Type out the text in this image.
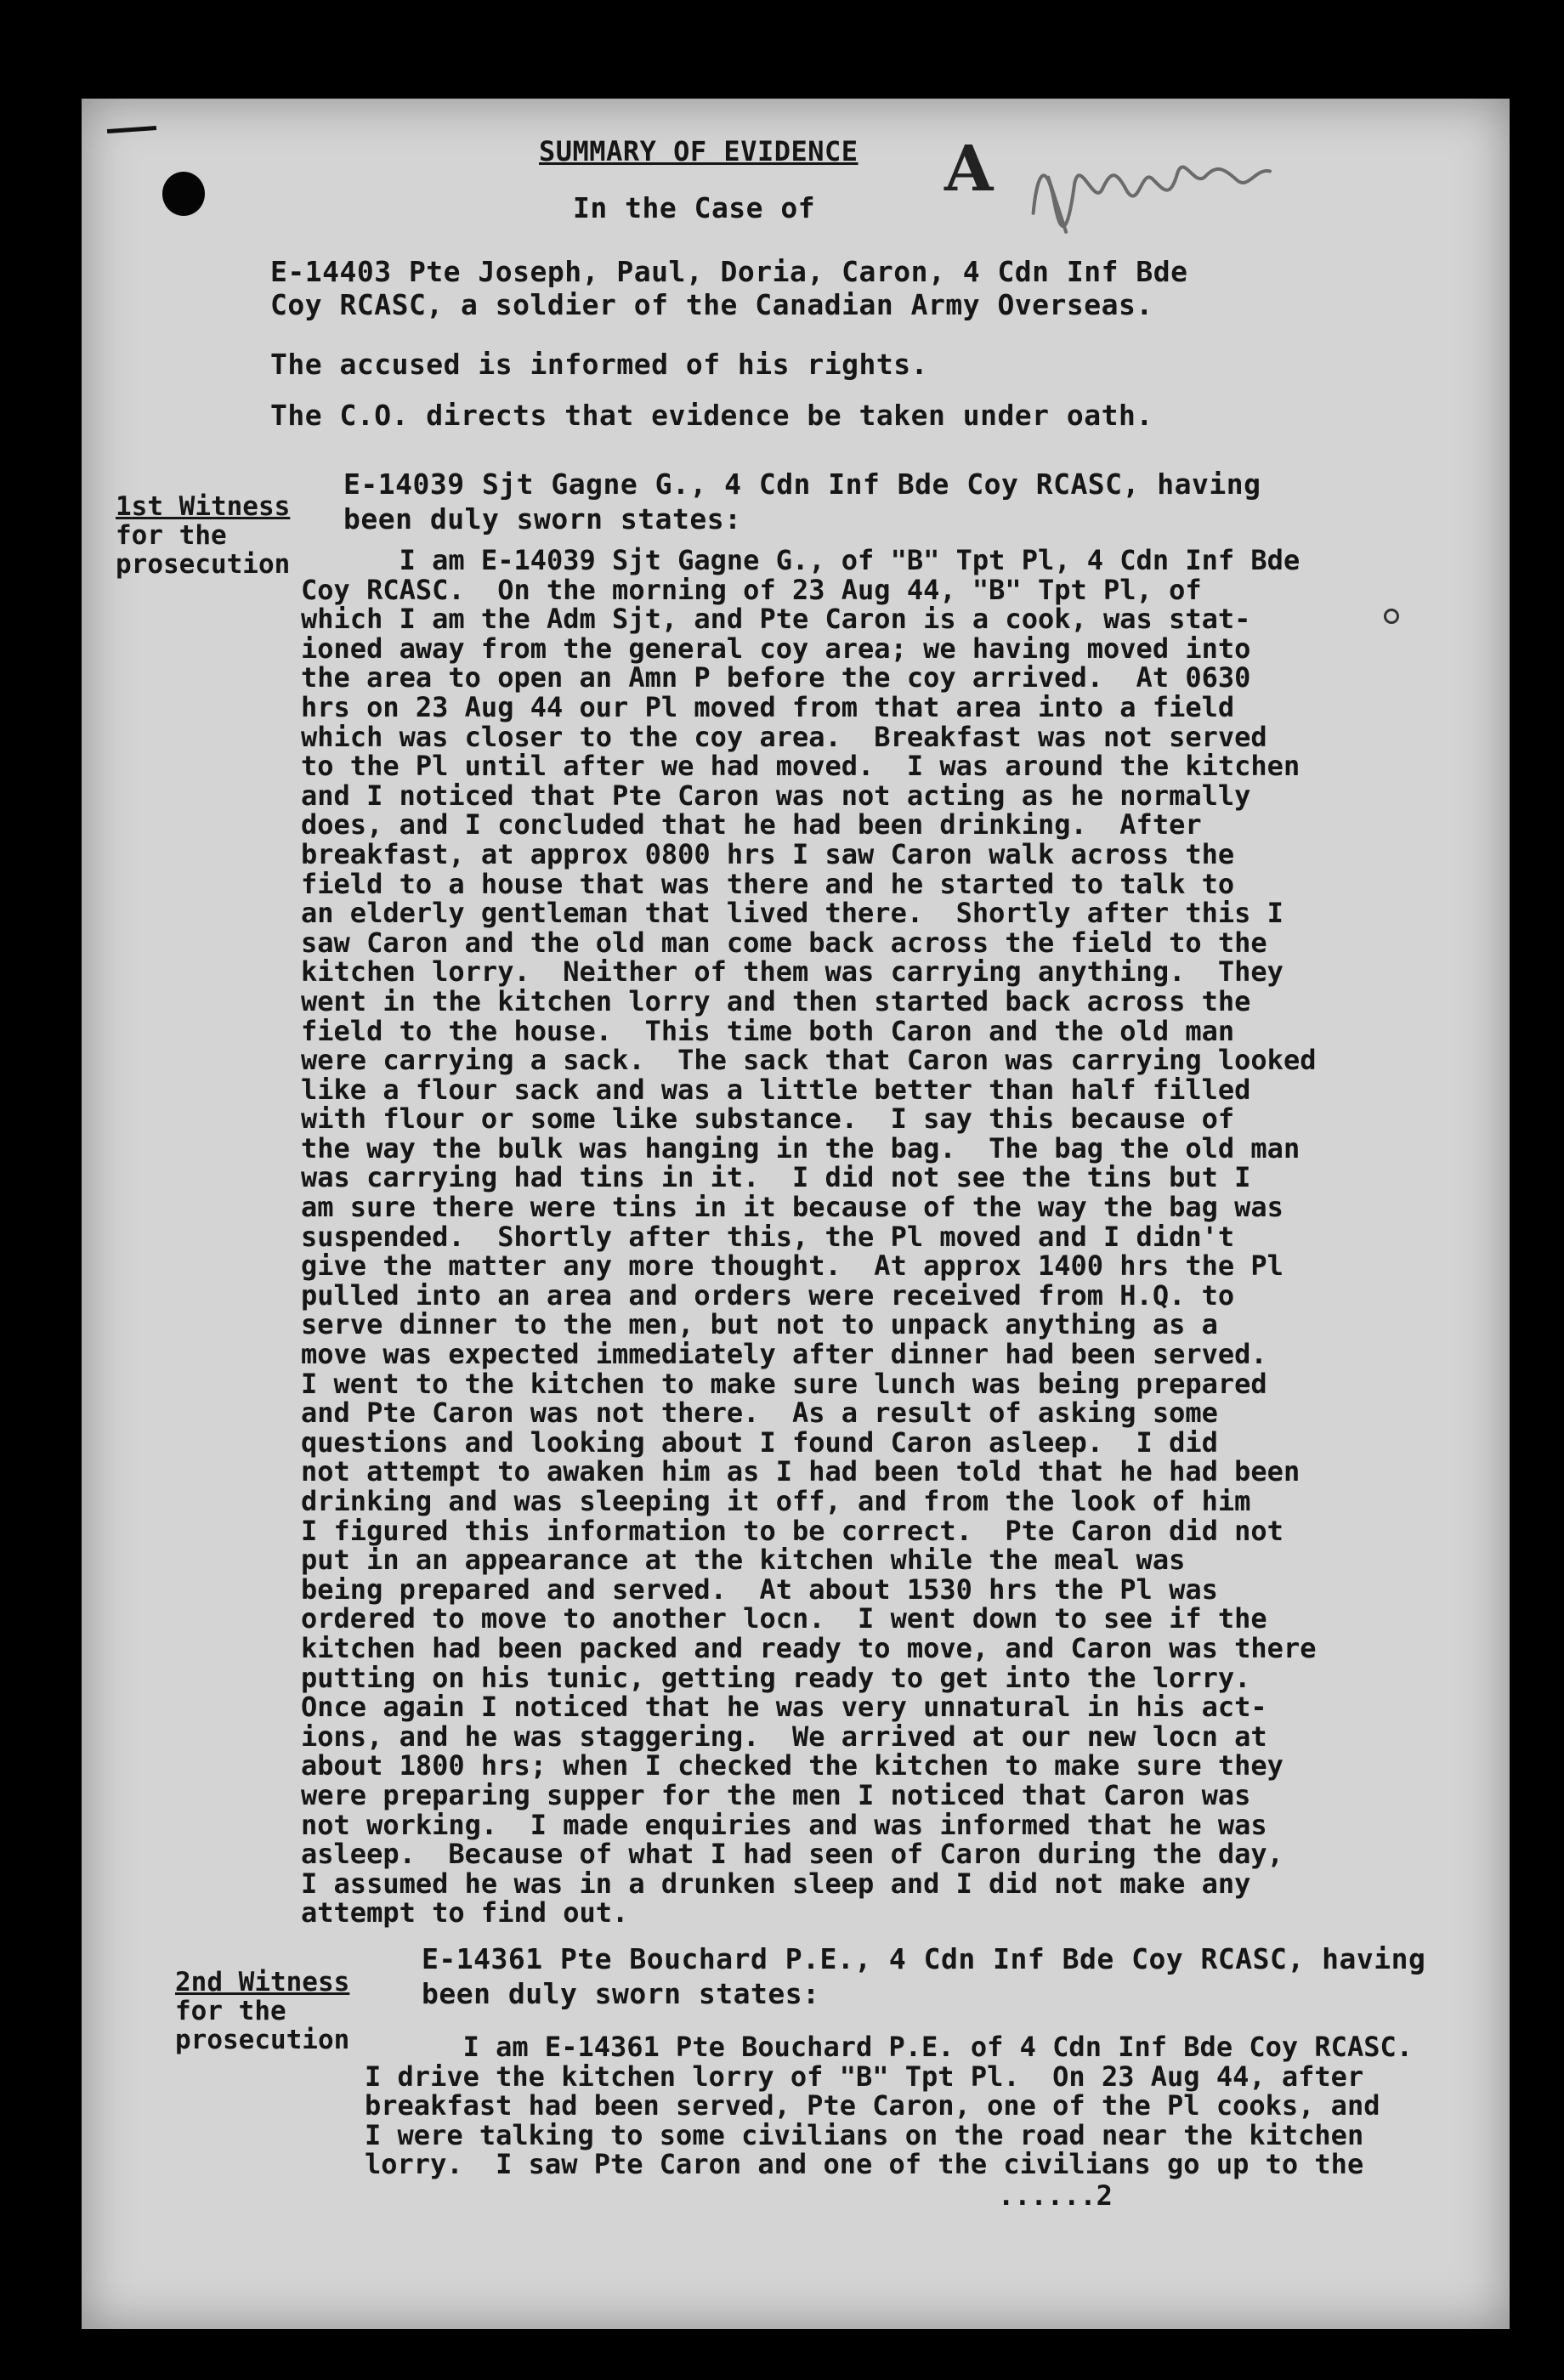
A
SUMMARY OF EVIDENCE
In the Case of
E-14403 Pte Joseph, Paul, Doria, Caron, 4 Cdn Inf Bde
Coy RCASC, a soldier of the Canadian Army Overseas.
The accused is informed of his rights.
The C.O. directs that evidence be taken under oath.
1st Witness
for the
prosecution
E-14039 Sjt Gagne G., 4 Cdn Inf Bde Coy RCASC, having
been duly sworn states:
I am E-14039 Sjt Gagne G., of "B" Tpt Pl, 4 Cdn Inf Bde
Coy RCASC.  On the morning of 23 Aug 44, "B" Tpt Pl, of
which I am the Adm Sjt, and Pte Caron is a cook, was stat-
ioned away from the general coy area; we having moved into
the area to open an Amn P before the coy arrived.  At 0630
hrs on 23 Aug 44 our Pl moved from that area into a field
which was closer to the coy area.  Breakfast was not served
to the Pl until after we had moved.  I was around the kitchen
and I noticed that Pte Caron was not acting as he normally
does, and I concluded that he had been drinking.  After
breakfast, at approx 0800 hrs I saw Caron walk across the
field to a house that was there and he started to talk to
an elderly gentleman that lived there.  Shortly after this I
saw Caron and the old man come back across the field to the
kitchen lorry.  Neither of them was carrying anything.  They
went in the kitchen lorry and then started back across the
field to the house.  This time both Caron and the old man
were carrying a sack.  The sack that Caron was carrying looked
like a flour sack and was a little better than half filled
with flour or some like substance.  I say this because of
the way the bulk was hanging in the bag.  The bag the old man
was carrying had tins in it.  I did not see the tins but I
am sure there were tins in it because of the way the bag was
suspended.  Shortly after this, the Pl moved and I didn't
give the matter any more thought.  At approx 1400 hrs the Pl
pulled into an area and orders were received from H.Q. to
serve dinner to the men, but not to unpack anything as a
move was expected immediately after dinner had been served.
I went to the kitchen to make sure lunch was being prepared
and Pte Caron was not there.  As a result of asking some
questions and looking about I found Caron asleep.  I did
not attempt to awaken him as I had been told that he had been
drinking and was sleeping it off, and from the look of him
I figured this information to be correct.  Pte Caron did not
put in an appearance at the kitchen while the meal was
being prepared and served.  At about 1530 hrs the Pl was
ordered to move to another locn.  I went down to see if the
kitchen had been packed and ready to move, and Caron was there
putting on his tunic, getting ready to get into the lorry.
Once again I noticed that he was very unnatural in his act-
ions, and he was staggering.  We arrived at our new locn at
about 1800 hrs; when I checked the kitchen to make sure they
were preparing supper for the men I noticed that Caron was
not working.  I made enquiries and was informed that he was
asleep.  Because of what I had seen of Caron during the day,
I assumed he was in a drunken sleep and I did not make any
attempt to find out.
2nd Witness
for the
prosecution
E-14361 Pte Bouchard P.E., 4 Cdn Inf Bde Coy RCASC, having
been duly sworn states:
I am E-14361 Pte Bouchard P.E. of 4 Cdn Inf Bde Coy RCASC.
I drive the kitchen lorry of "B" Tpt Pl.  On 23 Aug 44, after
breakfast had been served, Pte Caron, one of the Pl cooks, and
I were talking to some civilians on the road near the kitchen
lorry.  I saw Pte Caron and one of the civilians go up to the
......2
